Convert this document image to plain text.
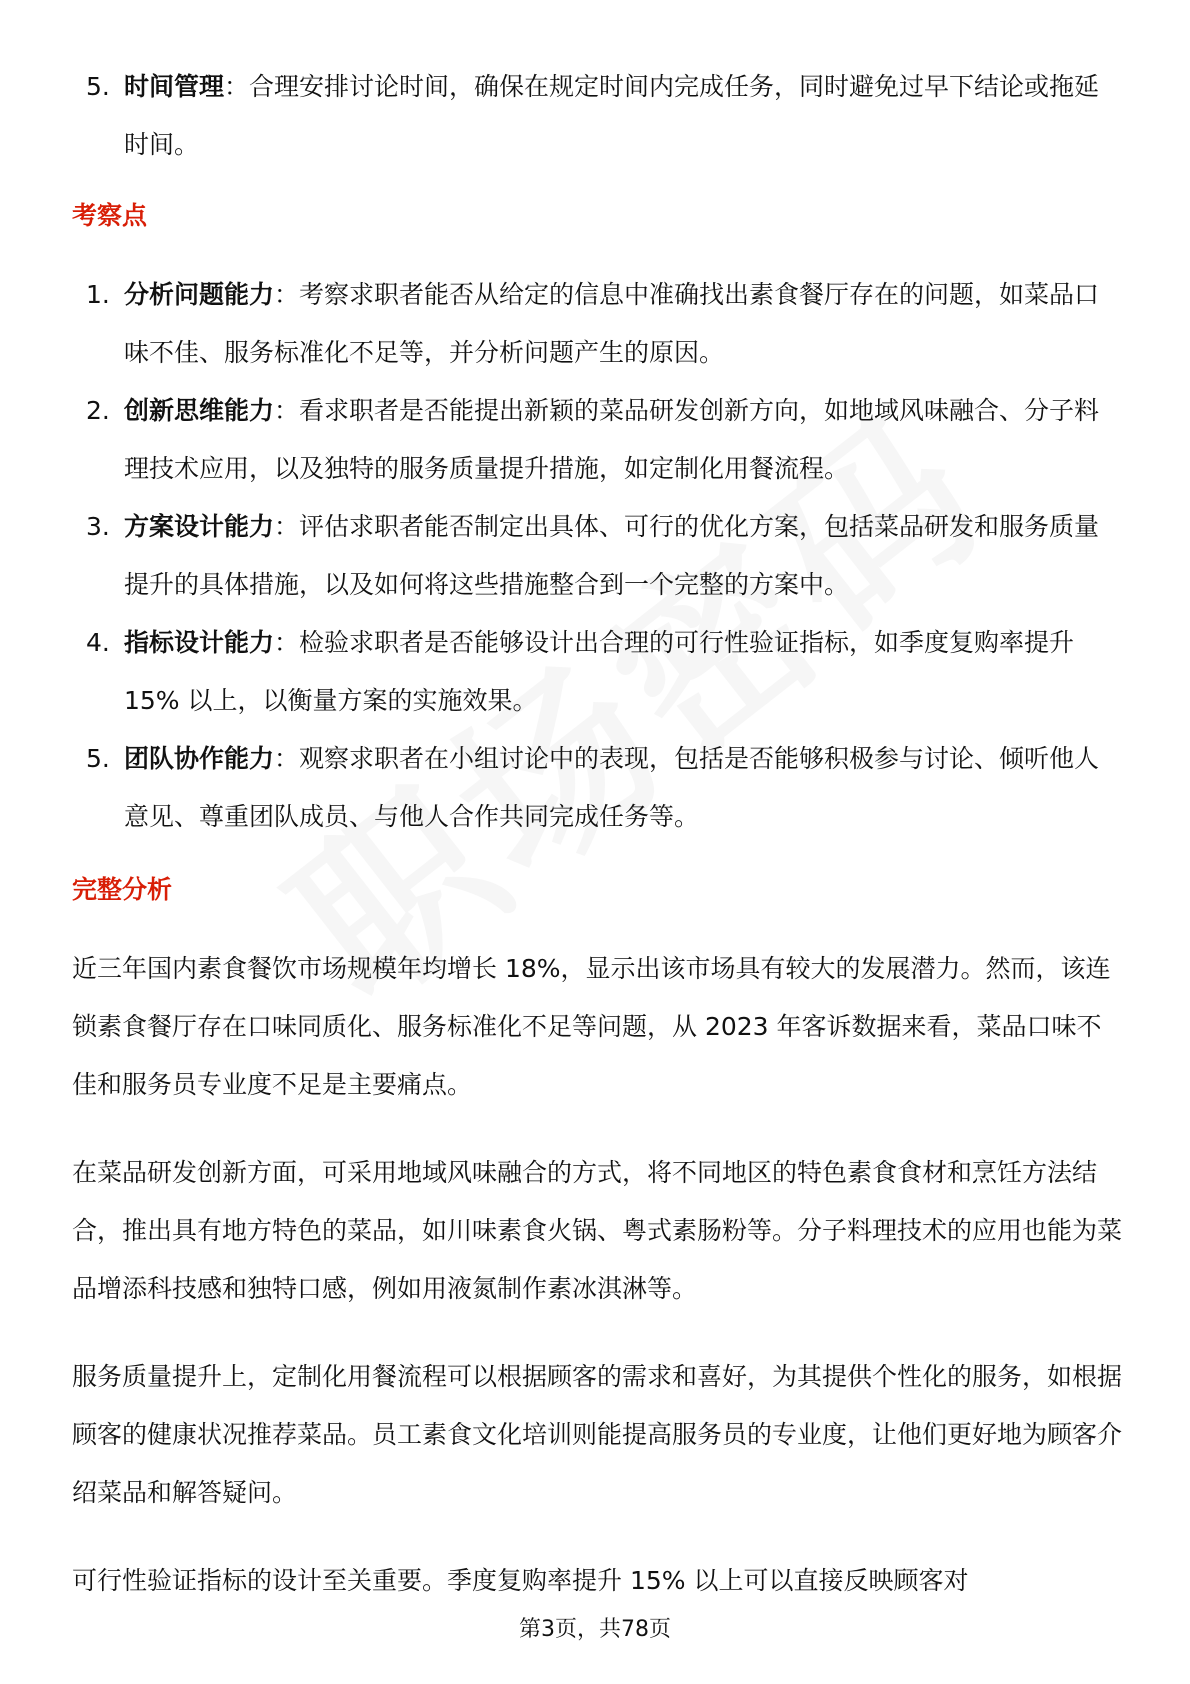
5. 时间管理：合理安排讨论时间，确保在规定时间内完成任务，同时避免过早下结论或拖延时间。
考察点
1. 分析问题能力：考察求职者能否从给定的信息中准确找出素食餐厅存在的问题，如菜品口味不佳、服务标准化不足等，并分析问题产生的原因。
2. 创新思维能力：看求职者是否能提出新颖的菜品研发创新方向，如地域风味融合、分子料理技术应用，以及独特的服务质量提升措施，如定制化用餐流程。
3. 方案设计能力：评估求职者能否制定出具体、可行的优化方案，包括菜品研发和服务质量提升的具体措施，以及如何将这些措施整合到一个完整的方案中。
4. 指标设计能力：检验求职者是否能够设计出合理的可行性验证指标，如季度复购率提升 15% 以上，以衡量方案的实施效果。
5. 团队协作能力：观察求职者在小组讨论中的表现，包括是否能够积极参与讨论、倾听他人意见、尊重团队成员、与他人合作共同完成任务等。
完整分析

近三年国内素食餐饮市场规模年均增长 18%，显示出该市场具有较大的发展潜力。然而，该连锁素食餐厅存在口味同质化、服务标准化不足等问题，从 2023 年客诉数据来看，菜品口味不佳和服务员专业度不足是主要痛点。

在菜品研发创新方面，可采用地域风味融合的方式，将不同地区的特色素食食材和烹饪方法结合，推出具有地方特色的菜品，如川味素食火锅、粤式素肠粉等。分子料理技术的应用也能为菜品增添科技感和独特口感，例如用液氮制作素冰淇淋等。

服务质量提升上，定制化用餐流程可以根据顾客的需求和喜好，为其提供个性化的服务，如根据顾客的健康状况推荐菜品。员工素食文化培训则能提高服务员的专业度，让他们更好地为顾客介绍菜品和解答疑问。

可行性验证指标的设计至关重要。季度复购率提升 15% 以上可以直接反映顾客对

第3页，共78页
